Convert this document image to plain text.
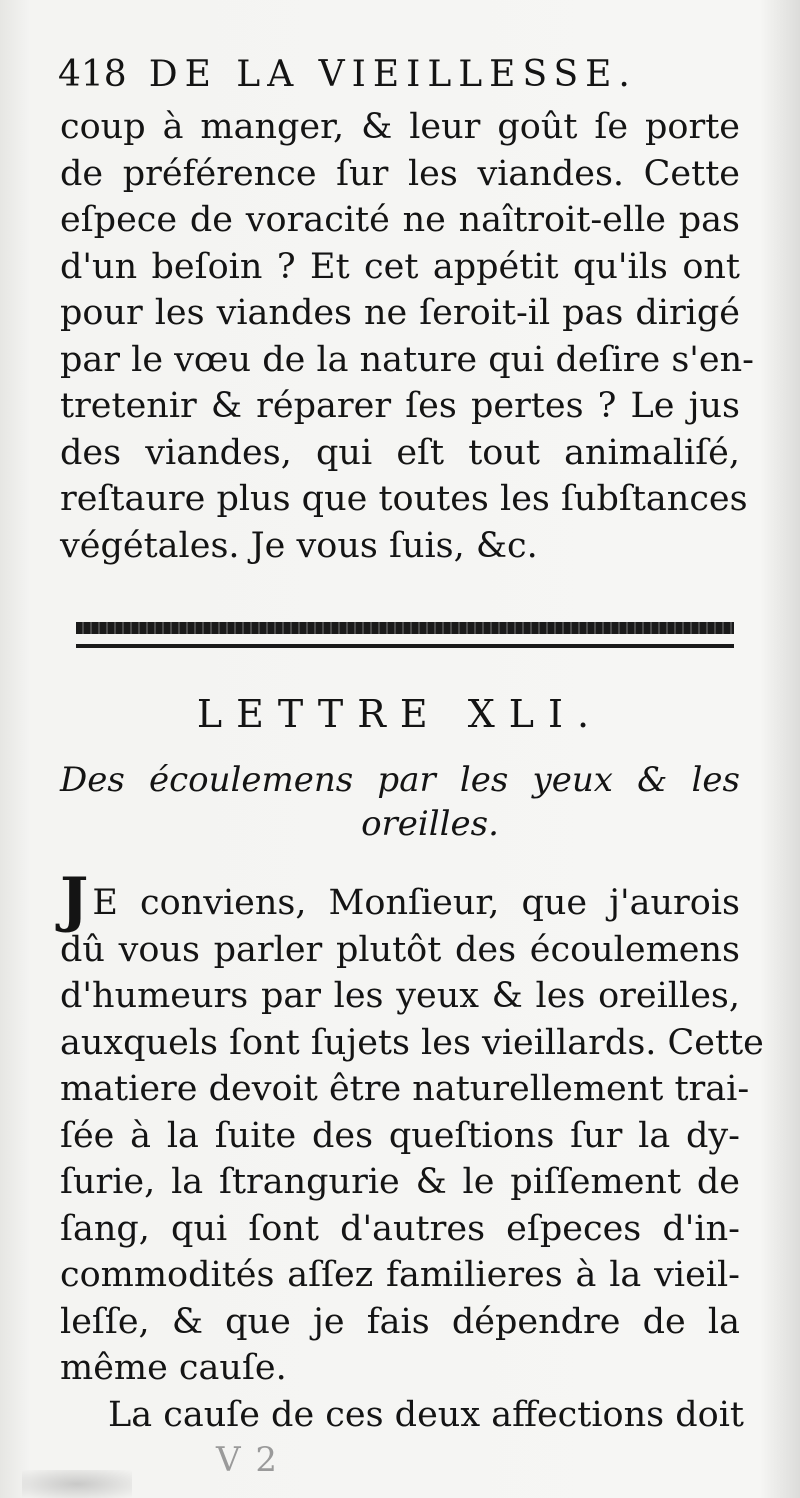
418 DE LA VIEILLESSE.
coup à manger, & leur goût ſe porte
de préférence ſur les viandes. Cette
eſpece de voracité ne naîtroit-elle pas
d'un beſoin ? Et cet appétit qu'ils ont
pour les viandes ne ſeroit-il pas dirigé
par le vœu de la nature qui deſire s'en-
tretenir & réparer ſes pertes ? Le jus
des viandes, qui eſt tout animaliſé,
reſtaure plus que toutes les ſubſtances
végétales. Je vous ſuis, &c.
LETTRE XLI.
Des écoulemens par les yeux & les
oreilles.
J E conviens, Monſieur, que j'aurois
dû vous parler plutôt des écoulemens
d'humeurs par les yeux & les oreilles,
auxquels ſont ſujets les vieillards. Cette
matiere devoit être naturellement trai-
ſée à la ſuite des queſtions ſur la dy-
ſurie, la ſtrangurie & le piſſement de
ſang, qui ſont d'autres eſpeces d'in-
commodités aſſez familieres à la vieil-
leſſe, & que je fais dépendre de la
même cauſe.
La cauſe de ces deux affections doit
V 2
